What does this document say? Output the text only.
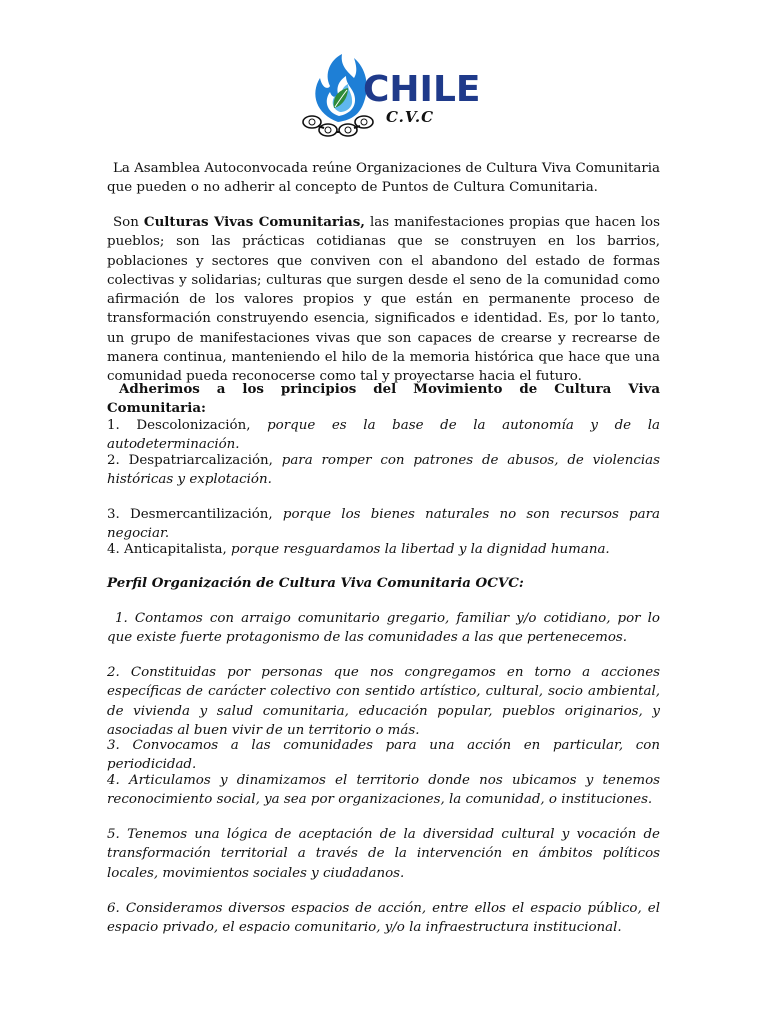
CHILE
C.V.C
La Asamblea Autoconvocada reúne Organizaciones de Cultura Viva Comunitaria que pueden o no adherir al concepto de Puntos de Cultura Comunitaria.
Son Culturas Vivas Comunitarias, las manifestaciones propias que hacen los pueblos; son las prácticas cotidianas que se construyen en los barrios, poblaciones y sectores que conviven con el abandono del estado de formas colectivas y solidarias; culturas que surgen desde el seno de la comunidad como afirmación de los valores propios y que están en permanente proceso de transformación construyendo esencia, significados e identidad. Es, por lo tanto, un grupo de manifestaciones vivas que son capaces de crearse y recrearse de manera continua, manteniendo el hilo de la memoria histórica que hace que una comunidad pueda reconocerse como tal y proyectarse hacia el futuro.
Adherimos a los principios del Movimiento de Cultura Viva Comunitaria:
1. Descolonización, porque es la base de la autonomía y de la autodeterminación.
2. Despatriarcalización, para romper con patrones de abusos, de violencias históricas y explotación.
3. Desmercantilización, porque los bienes naturales no son recursos para negociar.
4. Anticapitalista, porque resguardamos la libertad y la dignidad humana.
Perfil Organización de Cultura Viva Comunitaria OCVC:
1. Contamos con arraigo comunitario gregario, familiar y/o cotidiano, por lo que existe fuerte protagonismo de las comunidades a las que pertenecemos.
2. Constituidas por personas que nos congregamos en torno a acciones específicas de carácter colectivo con sentido artístico, cultural, socio ambiental, de vivienda y salud comunitaria, educación popular, pueblos originarios, y asociadas al buen vivir de un territorio o más.
3. Convocamos a las comunidades para una acción en particular, con periodicidad.
4. Articulamos y dinamizamos el territorio donde nos ubicamos y tenemos reconocimiento social, ya sea por organizaciones, la comunidad, o instituciones.
5. Tenemos una lógica de aceptación de la diversidad cultural y vocación de transformación territorial a través de la intervención en ámbitos políticos locales, movimientos sociales y ciudadanos.
6. Consideramos diversos espacios de acción, entre ellos el espacio público, el espacio privado, el espacio comunitario, y/o la infraestructura institucional.
